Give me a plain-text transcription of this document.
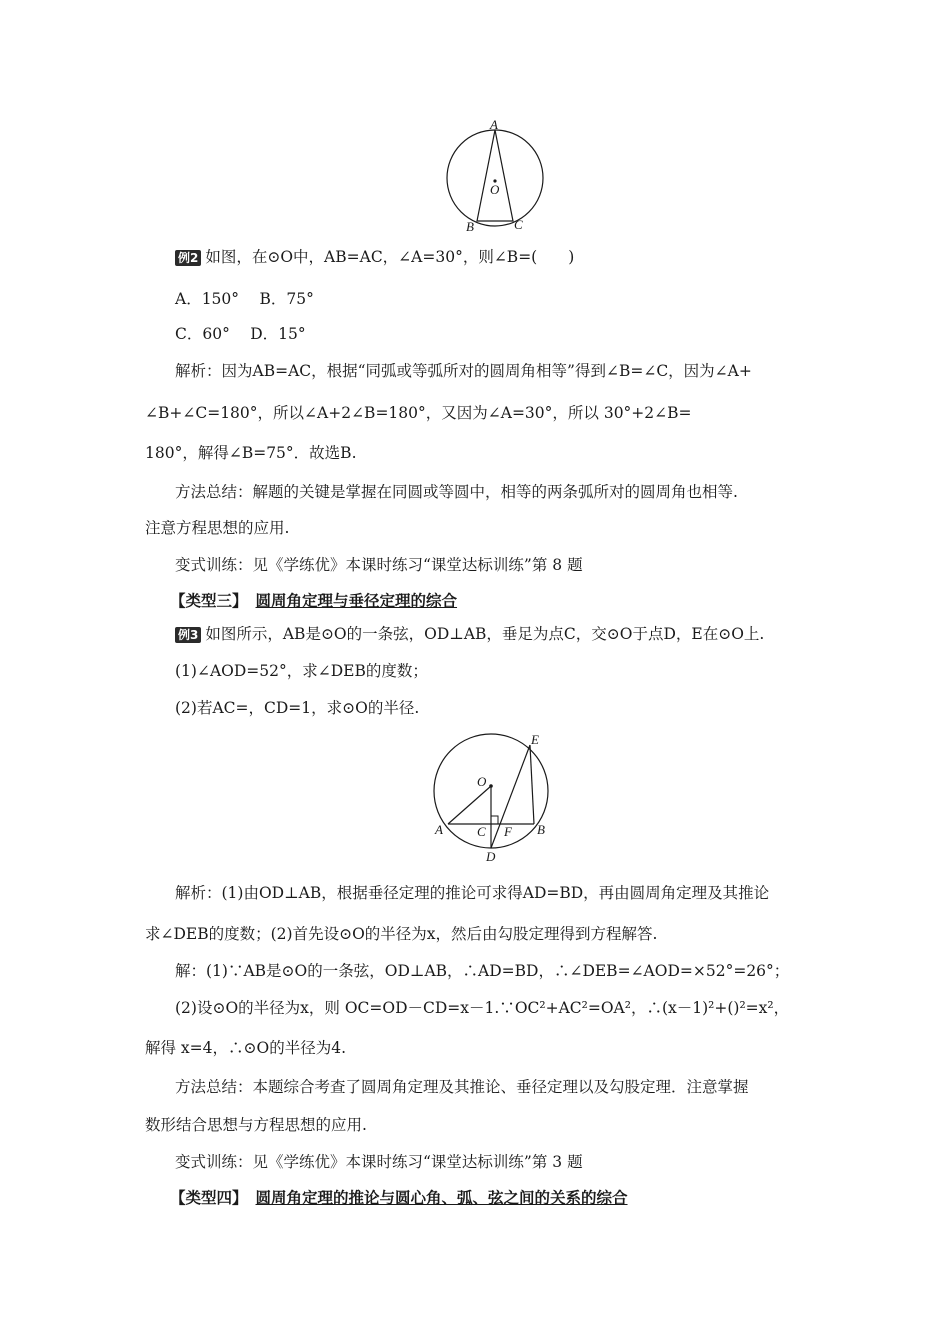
A
O
B	C
例2 如图，在⊙O中，AB=AC，∠A=30°，则∠B=(　　)
A．150°　 B．75°
C．60°　 D．15°
解析：因为AB=AC，根据“同弧或等弧所对的圆周角相等”得到∠B=∠C，因为∠A+
∠B+∠C=180°，所以∠A+2∠B=180°，又因为∠A=30°，所以 30°+2∠B=
180°，解得∠B=75°．故选B.
方法总结：解题的关键是掌握在同圆或等圆中，相等的两条弧所对的圆周角也相等.
注意方程思想的应用.
变式训练：见《学练优》本课时练习“课堂达标训练”第 8 题
【类型三】 圆周角定理与垂径定理的综合
例3 如图所示，AB是⊙O的一条弦，OD⊥AB，垂足为点C，交⊙O于点D，E在⊙O上.
(1)∠AOD=52°，求∠DEB的度数；
(2)若AC=，CD=1，求⊙O的半径.
O
E
A	C F B
D
解析：(1)由OD⊥AB，根据垂径定理的推论可求得AD=BD，再由圆周角定理及其推论
求∠DEB的度数；(2)首先设⊙O的半径为x，然后由勾股定理得到方程解答.
解：(1)∵AB是⊙O的一条弦，OD⊥AB，∴AD=BD，∴∠DEB=∠AOD=×52°=26°；
(2)设⊙O的半径为x，则 OC=OD－CD=x－1.∵OC²+AC²=OA²，∴(x－1)²+()²=x²，
解得 x=4，∴⊙O的半径为4.
方法总结：本题综合考查了圆周角定理及其推论、垂径定理以及勾股定理．注意掌握
数形结合思想与方程思想的应用.
变式训练：见《学练优》本课时练习“课堂达标训练”第 3 题
【类型四】 圆周角定理的推论与圆心角、弧、弦之间的关系的综合
